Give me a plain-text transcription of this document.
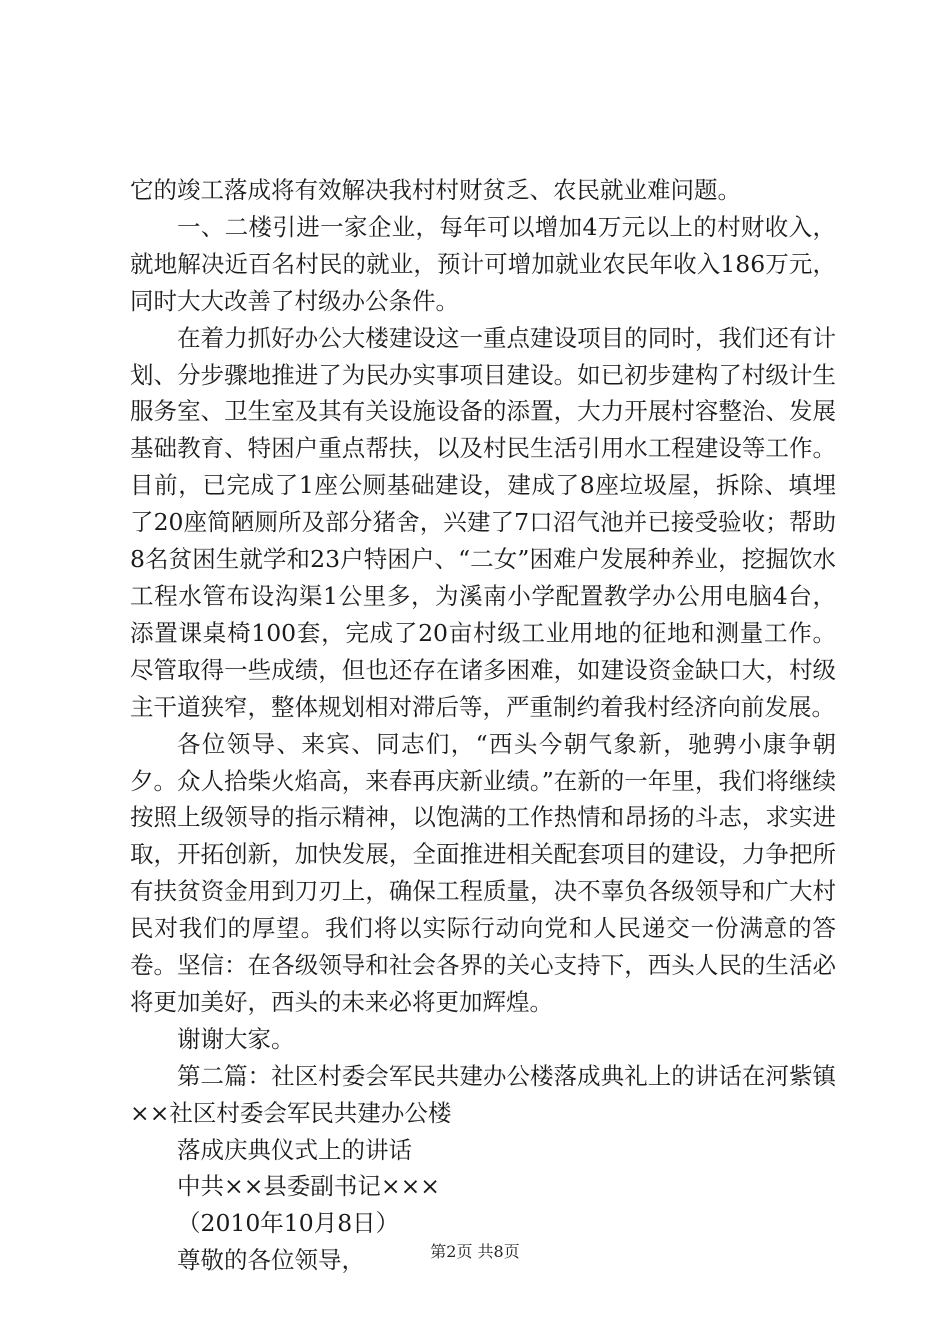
它的竣工落成将有效解决我村村财贫乏、农民就业难问题。

一、二楼引进一家企业，每年可以增加4万元以上的村财收入，就地解决近百名村民的就业，预计可增加就业农民年收入186万元，同时大大改善了村级办公条件。

在着力抓好办公大楼建设这一重点建设项目的同时，我们还有计划、分步骤地推进了为民办实事项目建设。如已初步建构了村级计生服务室、卫生室及其有关设施设备的添置，大力开展村容整治、发展基础教育、特困户重点帮扶，以及村民生活引用水工程建设等工作。目前，已完成了1座公厕基础建设，建成了8座垃圾屋，拆除、填埋了20座简陋厕所及部分猪舍，兴建了7口沼气池并已接受验收；帮助8名贫困生就学和23户特困户、“二女”困难户发展种养业，挖掘饮水工程水管布设沟渠1公里多，为溪南小学配置教学办公用电脑4台，添置课桌椅100套，完成了20亩村级工业用地的征地和测量工作。尽管取得一些成绩，但也还存在诸多困难，如建设资金缺口大，村级主干道狭窄，整体规划相对滞后等，严重制约着我村经济向前发展。

各位领导、来宾、同志们，“西头今朝气象新，驰骋小康争朝夕。众人拾柴火焰高，来春再庆新业绩。”在新的一年里，我们将继续按照上级领导的指示精神，以饱满的工作热情和昂扬的斗志，求实进取，开拓创新，加快发展，全面推进相关配套项目的建设，力争把所有扶贫资金用到刀刃上，确保工程质量，决不辜负各级领导和广大村民对我们的厚望。我们将以实际行动向党和人民递交一份满意的答卷。坚信：在各级领导和社会各界的关心支持下，西头人民的生活必将更加美好，西头的未来必将更加辉煌。

谢谢大家。

第二篇：社区村委会军民共建办公楼落成典礼上的讲话在河紫镇××社区村委会军民共建办公楼

落成庆典仪式上的讲话

中共××县委副书记×××

（2010年10月8日）

尊敬的各位领导，	第2页 共8页
